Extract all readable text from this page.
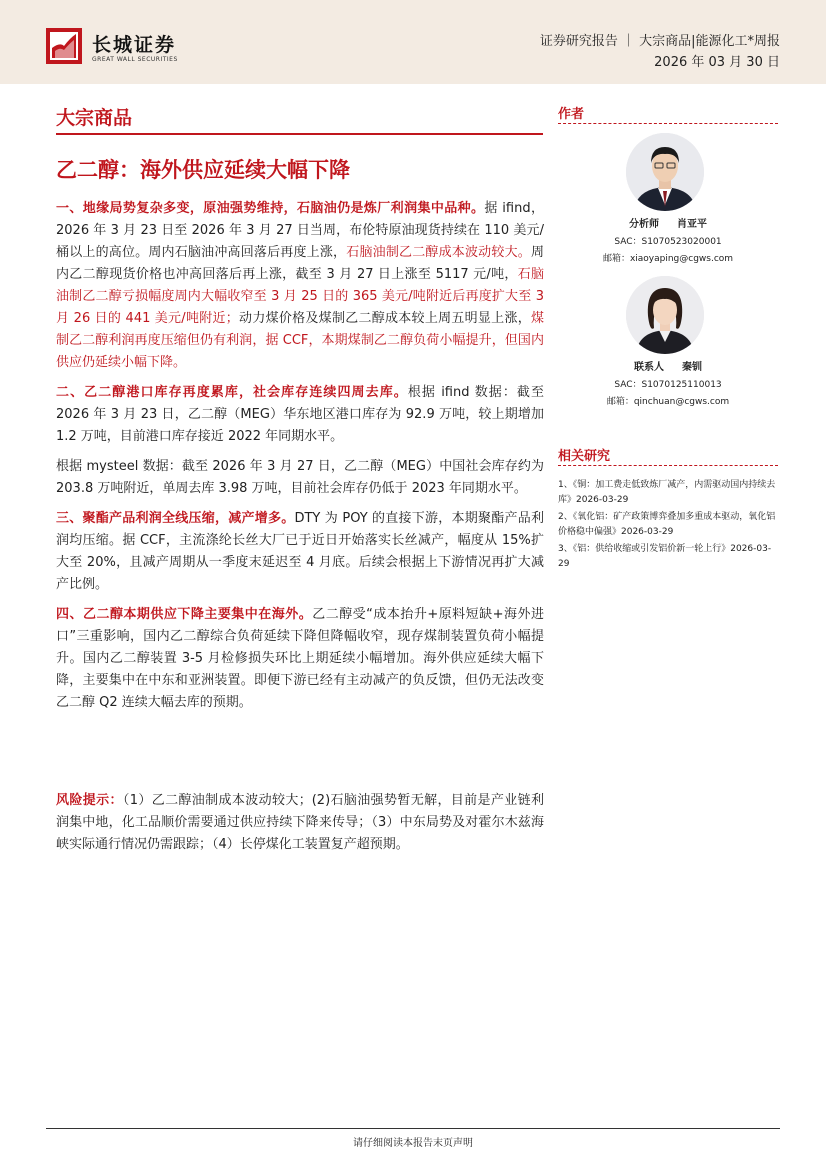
长城证券
GREAT WALL SECURITIES
证券研究报告 ｜ 大宗商品|能源化工*周报
2026 年 03 月 30 日
大宗商品
乙二醇：海外供应延续大幅下降

一、地缘局势复杂多变，原油强势维持，石脑油仍是炼厂利润集中品种。据 ifind，2026 年 3 月 23 日至 2026 年 3 月 27 日当周，布伦特原油现货持续在 110 美元/桶以上的高位。周内石脑油冲高回落后再度上涨，石脑油制乙二醇成本波动较大。周内乙二醇现货价格也冲高回落后再上涨，截至 3 月 27 日上涨至 5117 元/吨，石脑油制乙二醇亏损幅度周内大幅收窄至 3 月 25 日的 365 美元/吨附近后再度扩大至 3 月 26 日的 441 美元/吨附近；动力煤价格及煤制乙二醇成本较上周五明显上涨，煤制乙二醇利润再度压缩但仍有利润，据 CCF，本期煤制乙二醇负荷小幅提升，但国内供应仍延续小幅下降。

二、乙二醇港口库存再度累库，社会库存连续四周去库。根据 ifind 数据：截至 2026 年 3 月 23 日，乙二醇（MEG）华东地区港口库存为 92.9 万吨，较上期增加 1.2 万吨，目前港口库存接近 2022 年同期水平。

根据 mysteel 数据：截至 2026 年 3 月 27 日，乙二醇（MEG）中国社会库存约为 203.8 万吨附近，单周去库 3.98 万吨，目前社会库存仍低于 2023 年同期水平。

三、聚酯产品利润全线压缩，减产增多。DTY 为 POY 的直接下游，本期聚酯产品利润均压缩。据 CCF，主流涤纶长丝大厂已于近日开始落实长丝减产，幅度从 15%扩大至 20%，且减产周期从一季度末延迟至 4 月底。后续会根据上下游情况再扩大减产比例。

四、乙二醇本期供应下降主要集中在海外。乙二醇受“成本抬升+原料短缺+海外进口”三重影响，国内乙二醇综合负荷延续下降但降幅收窄，现存煤制装置负荷小幅提升。国内乙二醇装置 3-5 月检修损失环比上期延续小幅增加。海外供应延续大幅下降，主要集中在中东和亚洲装置。即便下游已经有主动减产的负反馈，但仍无法改变乙二醇 Q2 连续大幅去库的预期。

风险提示：（1）乙二醇油制成本波动较大；(2)石脑油强势暂无解，目前是产业链利润集中地，化工品顺价需要通过供应持续下降来传导；（3）中东局势及对霍尔木兹海峡实际通行情况仍需跟踪；（4）长停煤化工装置复产超预期。

作者
分析师 肖亚平
SAC：S1070523020001
邮箱：xiaoyaping@cgws.com
联系人 秦钏
SAC：S1070125110013
邮箱：qinchuan@cgws.com
相关研究
1、《铜：加工费走低致炼厂减产，内需驱动国内持续去库》2026-03-29
2、《氧化铝：矿产政策博弈叠加多重成本驱动，氧化铝价格稳中偏强》2026-03-29
3、《铝：供给收缩或引发铝价新一轮上行》2026-03-29
请仔细阅读本报告末页声明
